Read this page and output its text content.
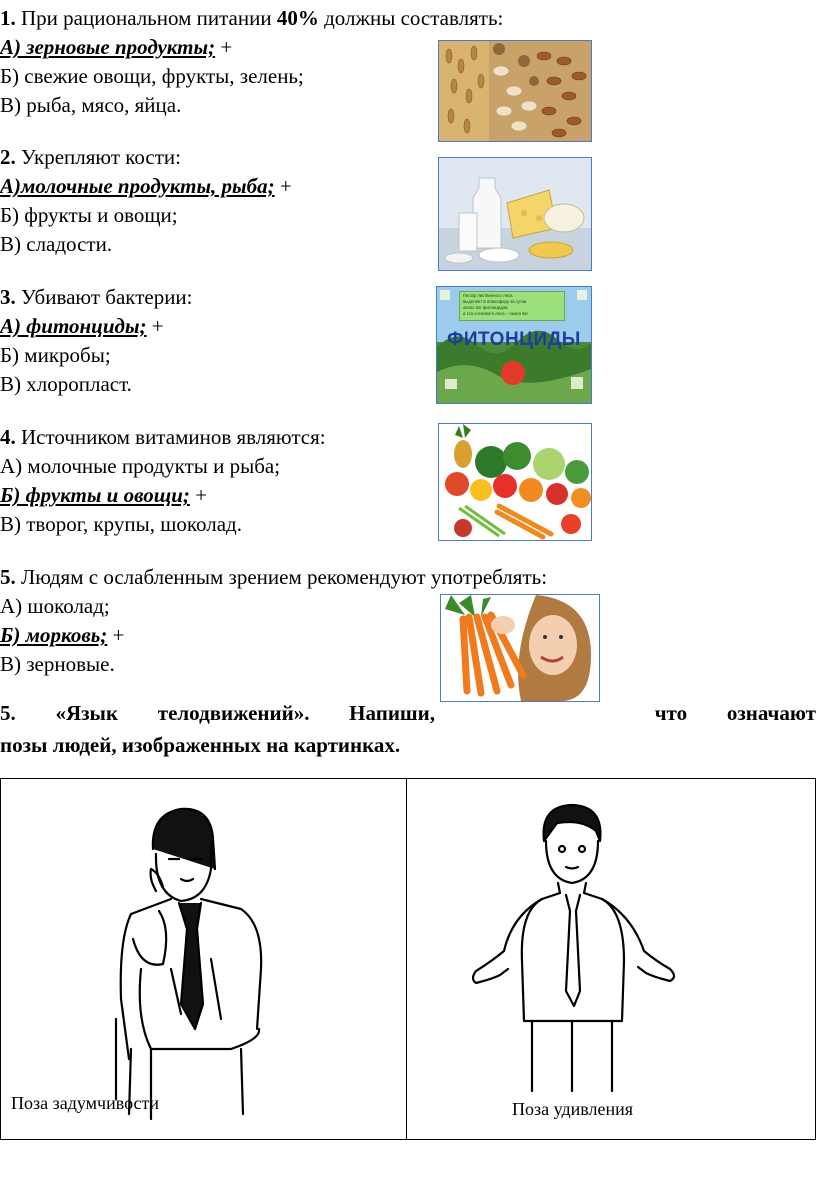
1. При рациональном питании 40% должны составлять:
А) зерновые продукты; +
Б) свежие овощи, фрукты, зелень;
В) рыба, мясо, яйца.
2. Укрепляют кости:
А)молочные продукты, рыба; +
Б) фрукты и овощи;
В) сладости.
3. Убивают бактерии:
А) фитонциды; +
Б) микробы;
В) хлоропласт.
Гектар лиственного леса
выделяет в атмосферу за сутки
около 2кг фитонцидов,
а 1га соснового леса – около 5кг.
ФИТОНЦИДЫ
4. Источником витаминов являются:
А) молочные продукты и рыба;
Б) фрукты и овощи; +
В) творог, крупы, шоколад.
5. Людям с ослабленным зрением рекомендуют употреблять:
А) шоколад;
Б) морковь; +
В) зерновые.
5. «Язык телодвижений». Напиши,	что означают
позы людей, изображенных на картинках.
Поза задумчивости	Поза удивления
